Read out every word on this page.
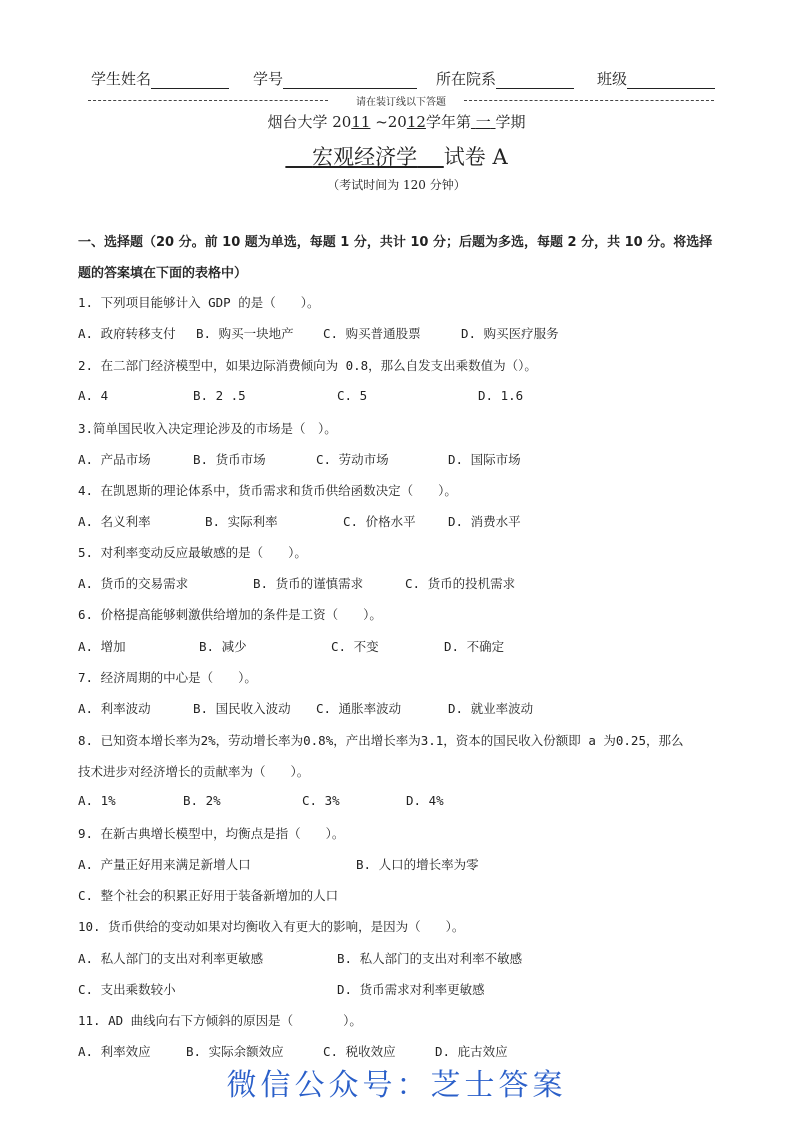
学生姓名	学号	所在院系	班级
请在装订线以下答题
烟台大学 2011 ~2012学年第 一 学期
宏观经济学 试卷 A
（考试时间为 120 分钟）
一、选择题（20 分。前 10 题为单选，每题 1 分，共计 10 分；后题为多选，每题 2 分，共 10 分。将选择
题的答案填在下面的表格中）
1. 下列项目能够计入 GDP 的是（　　）。
A. 政府转移支付 B. 购买一块地产 C. 购买普通股票	D. 购买医疗服务
2. 在二部门经济模型中，如果边际消费倾向为 0.8，那么自发支出乘数值为（）。
A. 4	B. 2 .5	C. 5	D. 1.6
3.简单国民收入决定理论涉及的市场是（　）。
A. 产品市场	B. 货币市场	C. 劳动市场	D. 国际市场
4. 在凯恩斯的理论体系中，货币需求和货币供给函数决定（　　）。
A. 名义利率	B. 实际利率	C. 价格水平	D. 消费水平
5. 对利率变动反应最敏感的是（　　）。
A. 货币的交易需求	B. 货币的谨慎需求	C. 货币的投机需求
6. 价格提高能够刺激供给增加的条件是工资（　　）。
A. 增加	B. 减少	C. 不变	D. 不确定
7. 经济周期的中心是（　　）。
A. 利率波动	B. 国民收入波动 C. 通胀率波动	D. 就业率波动
8. 已知资本增长率为2%，劳动增长率为0.8%，产出增长率为3.1，资本的国民收入份额即 a 为0.25，那么
技术进步对经济增长的贡献率为（　　）。
A. 1%	B. 2%	C. 3%	D. 4%
9. 在新古典增长模型中，均衡点是指（　　）。
A. 产量正好用来满足新增人口	B. 人口的增长率为零
C. 整个社会的积累正好用于装备新增加的人口
10. 货币供给的变动如果对均衡收入有更大的影响，是因为（　　）。
A. 私人部门的支出对利率更敏感	B. 私人部门的支出对利率不敏感
C. 支出乘数较小	D. 货币需求对利率更敏感
11. AD 曲线向右下方倾斜的原因是（　　　　）。
A. 利率效应	B. 实际余额效应	C. 税收效应	D. 庇古效应
微信公众号：芝士答案
